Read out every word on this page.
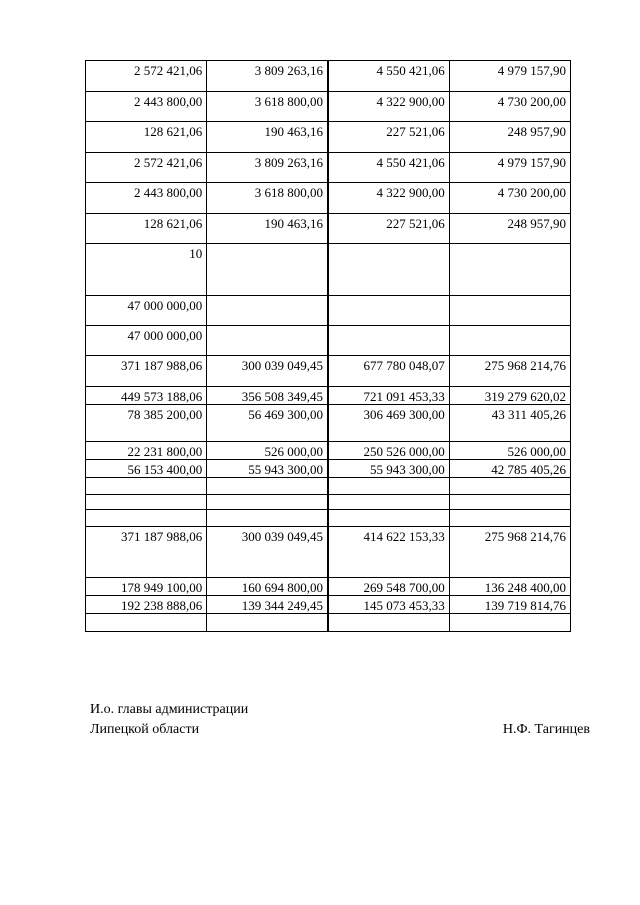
2 572 421,06	3 809 263,16	4 550 421,06	4 979 157,90
2 443 800,00	3 618 800,00	4 322 900,00	4 730 200,00
128 621,06	190 463,16	227 521,06	248 957,90
2 572 421,06	3 809 263,16	4 550 421,06	4 979 157,90
2 443 800,00	3 618 800,00	4 322 900,00	4 730 200,00
128 621,06	190 463,16	227 521,06	248 957,90
10			
47 000 000,00			
47 000 000,00			
371 187 988,06	300 039 049,45	677 780 048,07	275 968 214,76
449 573 188,06	356 508 349,45	721 091 453,33	319 279 620,02
78 385 200,00	56 469 300,00	306 469 300,00	43 311 405,26
22 231 800,00	526 000,00	250 526 000,00	526 000,00
56 153 400,00	55 943 300,00	55 943 300,00	42 785 405,26

371 187 988,06	300 039 049,45	414 622 153,33	275 968 214,76
178 949 100,00	160 694 800,00	269 548 700,00	136 248 400,00
192 238 888,06	139 344 249,45	145 073 453,33	139 719 814,76

И.о. главы администрации
Липецкой области	Н.Ф. Тагинцев
